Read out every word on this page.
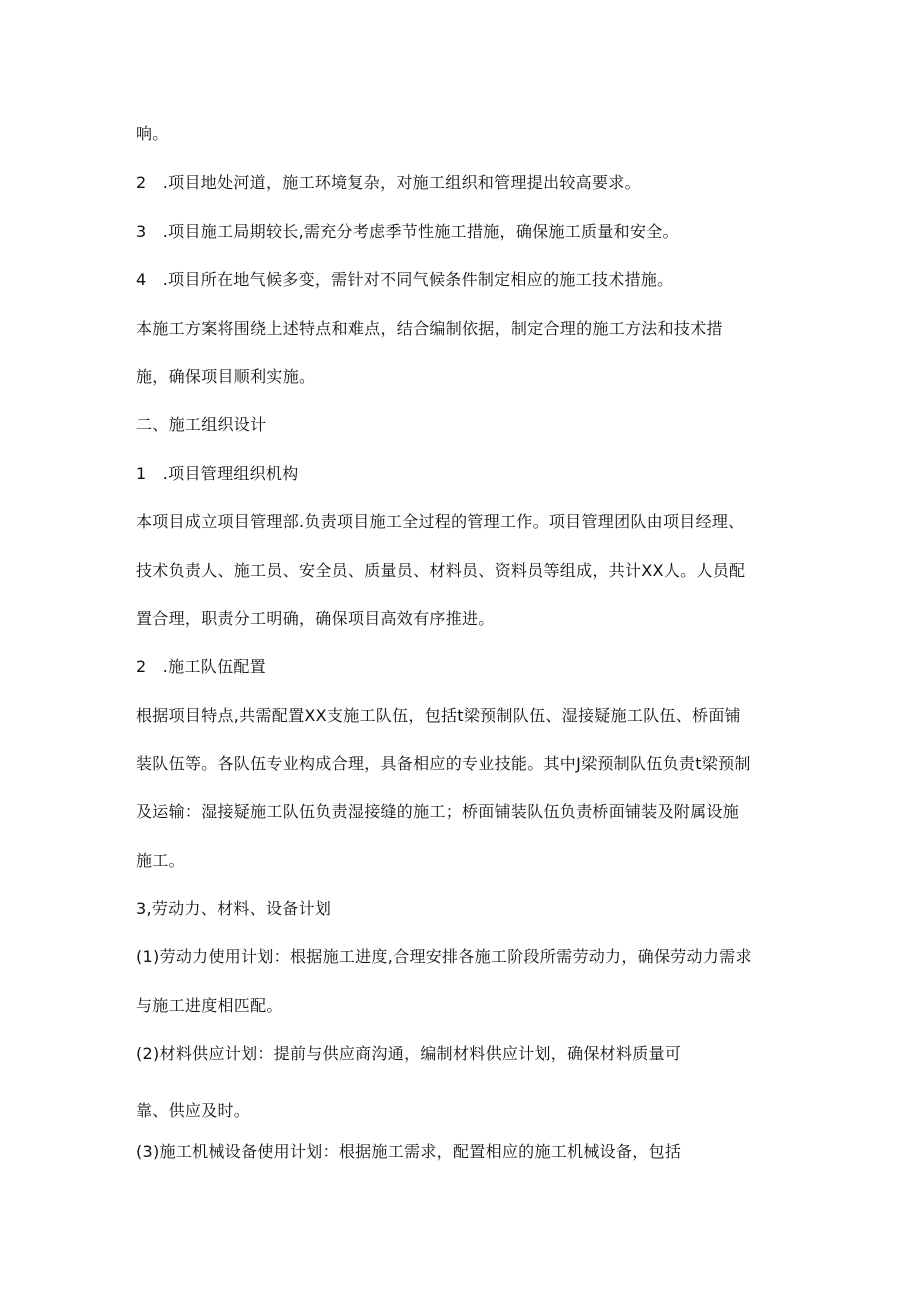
响。
2　.项目地处河道，施工环境复杂，对施工组织和管理提出较高要求。
3　.项目施工局期较长,需充分考虑季节性施工措施，确保施工质量和安全。
4　.项目所在地气候多变，需针对不同气候条件制定相应的施工技术措施。
本施工方案将围绕上述特点和难点，结合编制依据，制定合理的施工方法和技术措
施，确保项目顺利实施。
二、施工组织设计
1　.项目管理组织机构
本项目成立项目管理部.负责项目施工全过程的管理工作。项目管理团队由项目经理、
技术负责人、施工员、安全员、质量员、材料员、资料员等组成，共计XX人。人员配
置合理，职责分工明确，确保项目高效有序推进。
2　.施工队伍配置
根据项目特点,共需配置XX支施工队伍，包括t梁预制队伍、湿接疑施工队伍、桥面铺
装队伍等。各队伍专业构成合理，具备相应的专业技能。其中J梁预制队伍负责t梁预制
及运输：湿接疑施工队伍负责湿接缝的施工；桥面铺装队伍负责桥面铺装及附属设施
施工。
3,劳动力、材料、设备计划
(1)劳动力使用计划：根据施工进度,合理安排各施工阶段所需劳动力，确保劳动力需求
与施工进度相匹配。
(2)材料供应计划：提前与供应商沟通，编制材料供应计划，确保材料质量可
靠、供应及时。
(3)施工机械设备使用计划：根据施工需求，配置相应的施工机械设备，包括
